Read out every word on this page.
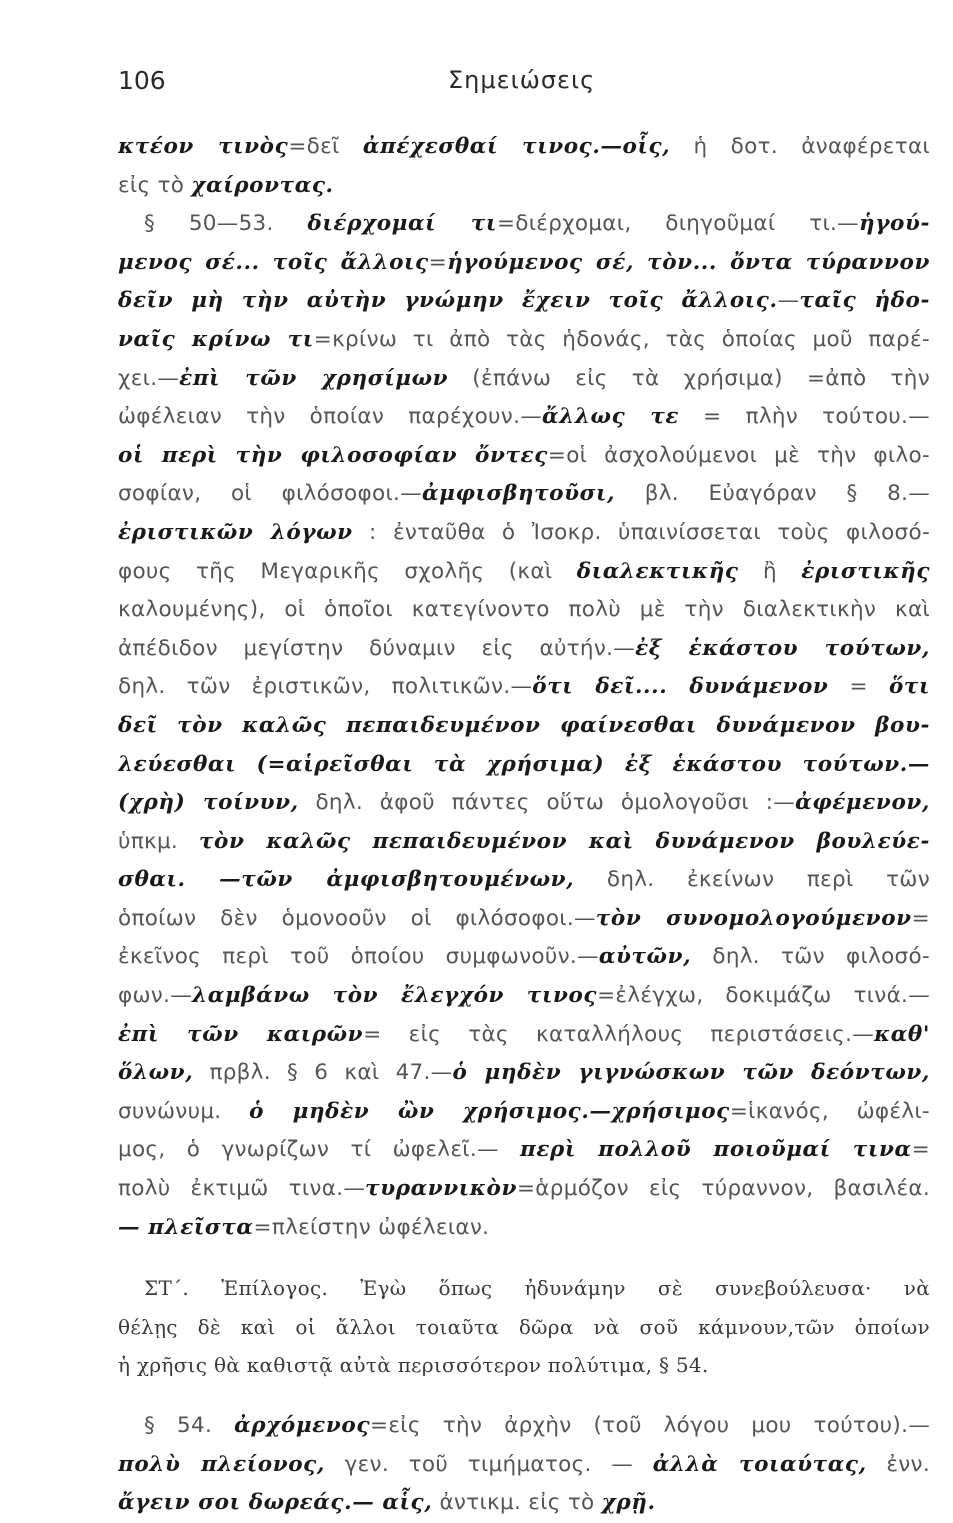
106	Σημειώσεις
κτέον τινὸς=δεῖ ἀπέχεσθαί τινος.—οἷς, ἡ δοτ. ἀναφέρεται
εἰς τὸ χαίροντας.
§ 50—53. διέρχομαί τι=διέρχομαι, διηγοῦμαί τι.—ἡγού-
μενος σέ... τοῖς ἄλλοις=ἡγούμενος σέ, τὸν... ὄντα τύραννον
δεῖν μὴ τὴν αὐτὴν γνώμην ἔχειν τοῖς ἄλλοις.—ταῖς ἡδο-
ναῖς κρίνω τι=κρίνω τι ἀπὸ τὰς ἡδονάς, τὰς ὁποίας μοῦ παρέ-
χει.—ἐπὶ τῶν χρησίμων (ἐπάνω εἰς τὰ χρήσιμα) =ἀπὸ τὴν
ὠφέλειαν τὴν ὁποίαν παρέχουν.—ἄλλως τε = πλὴν τούτου.—
οἱ περὶ τὴν φιλοσοφίαν ὄντες=οἱ ἀσχολούμενοι μὲ τὴν φιλο-
σοφίαν, οἱ φιλόσοφοι.—ἀμφισβητοῦσι, βλ. Εὐαγόραν § 8.—
ἐριστικῶν λόγων : ἐνταῦθα ὁ Ἰσοκρ. ὑπαινίσσεται τοὺς φιλοσό-
φους τῆς Μεγαρικῆς σχολῆς (καὶ διαλεκτικῆς ἢ ἐριστικῆς
καλουμένης), οἱ ὁποῖοι κατεγίνοντο πολὺ μὲ τὴν διαλεκτικὴν καὶ
ἀπέδιδον μεγίστην δύναμιν εἰς αὐτήν.—ἐξ ἑκάστου τούτων,
δηλ. τῶν ἐριστικῶν, πολιτικῶν.—ὅτι δεῖ.... δυνάμενον = ὅτι
δεῖ τὸν καλῶς πεπαιδευμένον φαίνεσθαι δυνάμενον βου-
λεύεσθαι (=αἱρεῖσθαι τὰ χρήσιμα) ἐξ ἑκάστου τούτων.—
(χρὴ) τοίνυν, δηλ. ἀφοῦ πάντες οὕτω ὁμολογοῦσι :—ἀφέμενον,
ὑπκμ. τὸν καλῶς πεπαιδευμένον καὶ δυνάμενον βουλεύε-
σθαι. —τῶν ἀμφισβητουμένων, δηλ. ἐκείνων περὶ τῶν
ὁποίων δὲν ὁμονοοῦν οἱ φιλόσοφοι.—τὸν συνομολογούμενον=
ἐκεῖνος περὶ τοῦ ὁποίου συμφωνοῦν.—αὐτῶν, δηλ. τῶν φιλοσό-
φων.—λαμβάνω τὸν ἔλεγχόν τινος=ἐλέγχω, δοκιμάζω τινά.—
ἐπὶ τῶν καιρῶν= εἰς τὰς καταλλήλους περιστάσεις.—καθ'
ὅλων, πρβλ. § 6 καὶ 47.—ὁ μηδὲν γιγνώσκων τῶν δεόντων,
συνώνυμ. ὁ μηδὲν ὢν χρήσιμος.—χρήσιμος=ἱκανός, ὠφέλι-
μος, ὁ γνωρίζων τί ὠφελεῖ.— περὶ πολλοῦ ποιοῦμαί τινα=
πολὺ ἐκτιμῶ τινα.—τυραννικὸν=ἁρμόζον εἰς τύραννον, βασιλέα.
— πλεῖστα=πλείστην ὠφέλειαν.
ΣΤ΄. Ἐπίλογος. Ἐγὼ ὅπως ἠδυνάμην σὲ συνεβούλευσα· νὰ
θέλῃς δὲ καὶ οἱ ἄλλοι τοιαῦτα δῶρα νὰ σοῦ κάμνουν,τῶν ὁποίων
ἡ χρῆσις θὰ καθιστᾷ αὐτὰ περισσότερον πολύτιμα, § 54.
§ 54. ἀρχόμενος=εἰς τὴν ἀρχὴν (τοῦ λόγου μου τούτου).—
πολὺ πλείονος, γεν. τοῦ τιμήματος. — ἀλλὰ τοιαύτας, ἐνν.
ἄγειν σοι δωρεάς.— αἷς, ἀντικμ. εἰς τὸ χρῇ.
